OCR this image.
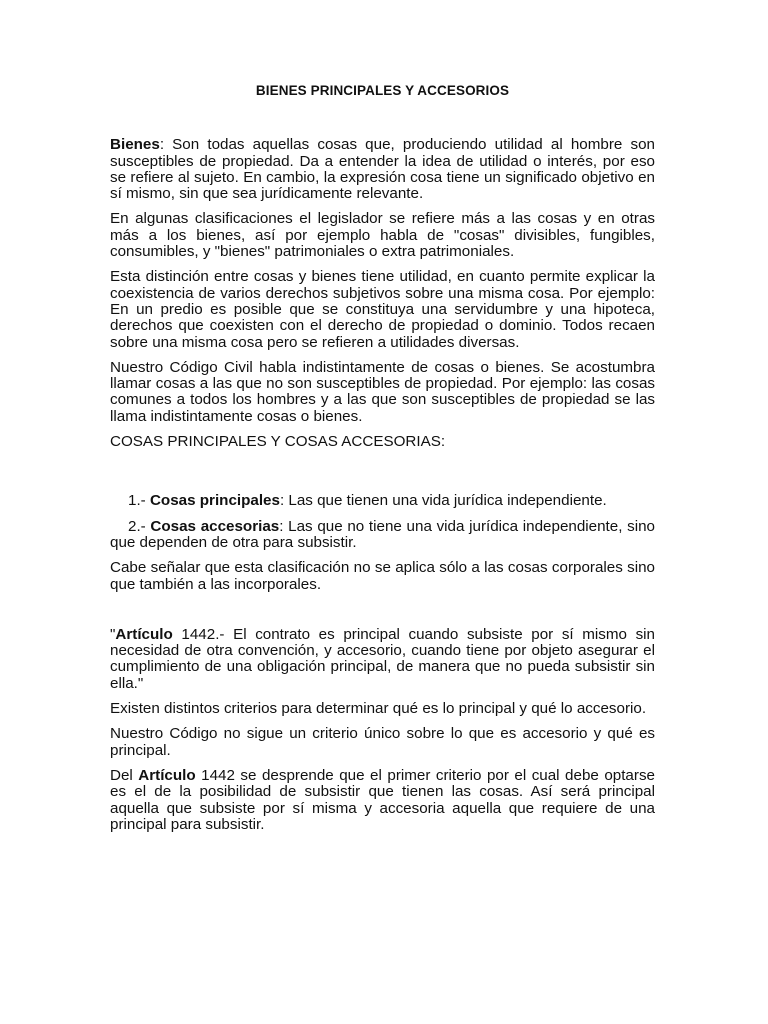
BIENES PRINCIPALES Y ACCESORIOS

Bienes: Son todas aquellas cosas que, produciendo utilidad al hombre son susceptibles de propiedad. Da a entender la idea de utilidad o interés, por eso se refiere al sujeto. En cambio, la expresión cosa tiene un significado objetivo en sí mismo, sin que sea jurídicamente relevante.

En algunas clasificaciones el legislador se refiere más a las cosas y en otras más a los bienes, así por ejemplo habla de "cosas" divisibles, fungibles, consumibles, y "bienes" patrimoniales o extra patrimoniales.

Esta distinción entre cosas y bienes tiene utilidad, en cuanto permite explicar la coexistencia de varios derechos subjetivos sobre una misma cosa. Por ejemplo: En un predio es posible que se constituya una servidumbre y una hipoteca, derechos que coexisten con el derecho de propiedad o dominio. Todos recaen sobre una misma cosa pero se refieren a utilidades diversas.

Nuestro Código Civil habla indistintamente de cosas o bienes. Se acostumbra llamar cosas a las que no son susceptibles de propiedad. Por ejemplo: las cosas comunes a todos los hombres y a las que son susceptibles de propiedad se las llama indistintamente cosas o bienes.

COSAS PRINCIPALES Y COSAS ACCESORIAS:

1.- Cosas principales: Las que tienen una vida jurídica independiente.

2.- Cosas accesorias: Las que no tiene una vida jurídica independiente, sino que dependen de otra para subsistir.

Cabe señalar que esta clasificación no se aplica sólo a las cosas corporales sino que también a las incorporales.

"Artículo 1442.- El contrato es principal cuando subsiste por sí mismo sin necesidad de otra convención, y accesorio, cuando tiene por objeto asegurar el cumplimiento de una obligación principal, de manera que no pueda subsistir sin ella."

Existen distintos criterios para determinar qué es lo principal y qué lo accesorio.

Nuestro Código no sigue un criterio único sobre lo que es accesorio y qué es principal.

Del Artículo 1442 se desprende que el primer criterio por el cual debe optarse es el de la posibilidad de subsistir que tienen las cosas. Así será principal aquella que subsiste por sí misma y accesoria aquella que requiere de una principal para subsistir.
